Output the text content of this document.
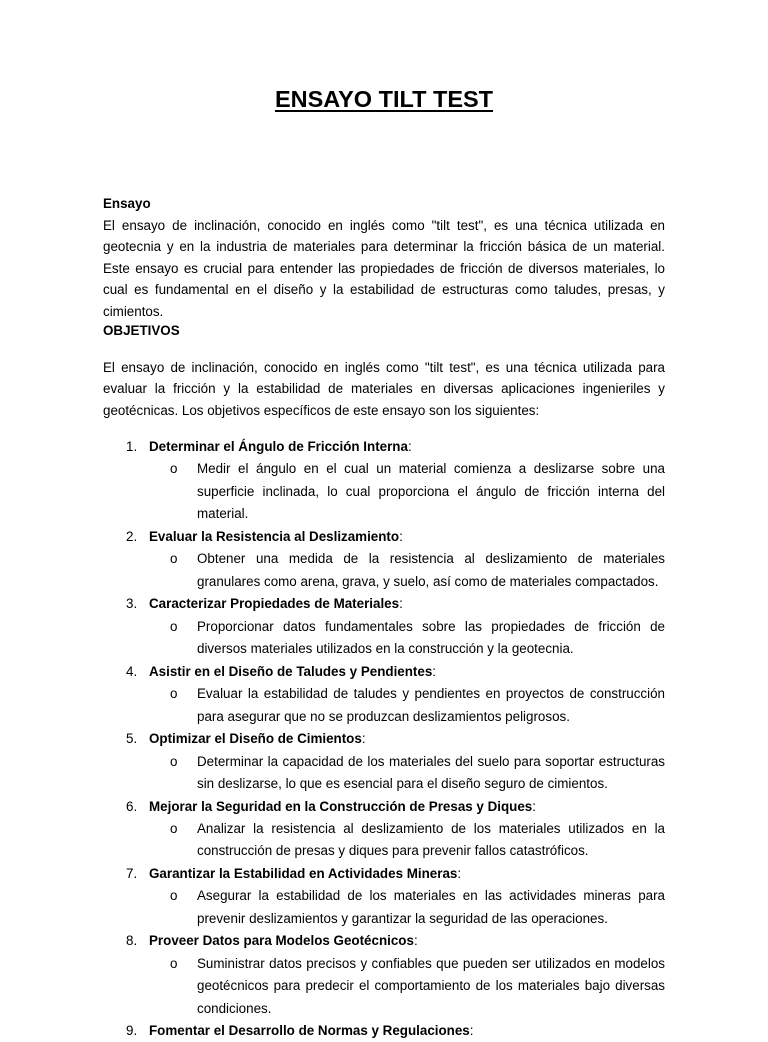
ENSAYO TILT TEST
Ensayo
El ensayo de inclinación, conocido en inglés como "tilt test", es una técnica utilizada en geotecnia y en la industria de materiales para determinar la fricción básica de un material. Este ensayo es crucial para entender las propiedades de fricción de diversos materiales, lo cual es fundamental en el diseño y la estabilidad de estructuras como taludes, presas, y cimientos.
OBJETIVOS
El ensayo de inclinación, conocido en inglés como "tilt test", es una técnica utilizada para evaluar la fricción y la estabilidad de materiales en diversas aplicaciones ingenieriles y geotécnicas. Los objetivos específicos de este ensayo son los siguientes:
1. Determinar el Ángulo de Fricción Interna:
o Medir el ángulo en el cual un material comienza a deslizarse sobre una superficie inclinada, lo cual proporciona el ángulo de fricción interna del material.
2. Evaluar la Resistencia al Deslizamiento:
o Obtener una medida de la resistencia al deslizamiento de materiales granulares como arena, grava, y suelo, así como de materiales compactados.
3. Caracterizar Propiedades de Materiales:
o Proporcionar datos fundamentales sobre las propiedades de fricción de diversos materiales utilizados en la construcción y la geotecnia.
4. Asistir en el Diseño de Taludes y Pendientes:
o Evaluar la estabilidad de taludes y pendientes en proyectos de construcción para asegurar que no se produzcan deslizamientos peligrosos.
5. Optimizar el Diseño de Cimientos:
o Determinar la capacidad de los materiales del suelo para soportar estructuras sin deslizarse, lo que es esencial para el diseño seguro de cimientos.
6. Mejorar la Seguridad en la Construcción de Presas y Diques:
o Analizar la resistencia al deslizamiento de los materiales utilizados en la construcción de presas y diques para prevenir fallos catastróficos.
7. Garantizar la Estabilidad en Actividades Mineras:
o Asegurar la estabilidad de los materiales en las actividades mineras para prevenir deslizamientos y garantizar la seguridad de las operaciones.
8. Proveer Datos para Modelos Geotécnicos:
o Suministrar datos precisos y confiables que pueden ser utilizados en modelos geotécnicos para predecir el comportamiento de los materiales bajo diversas condiciones.
9. Fomentar el Desarrollo de Normas y Regulaciones:
